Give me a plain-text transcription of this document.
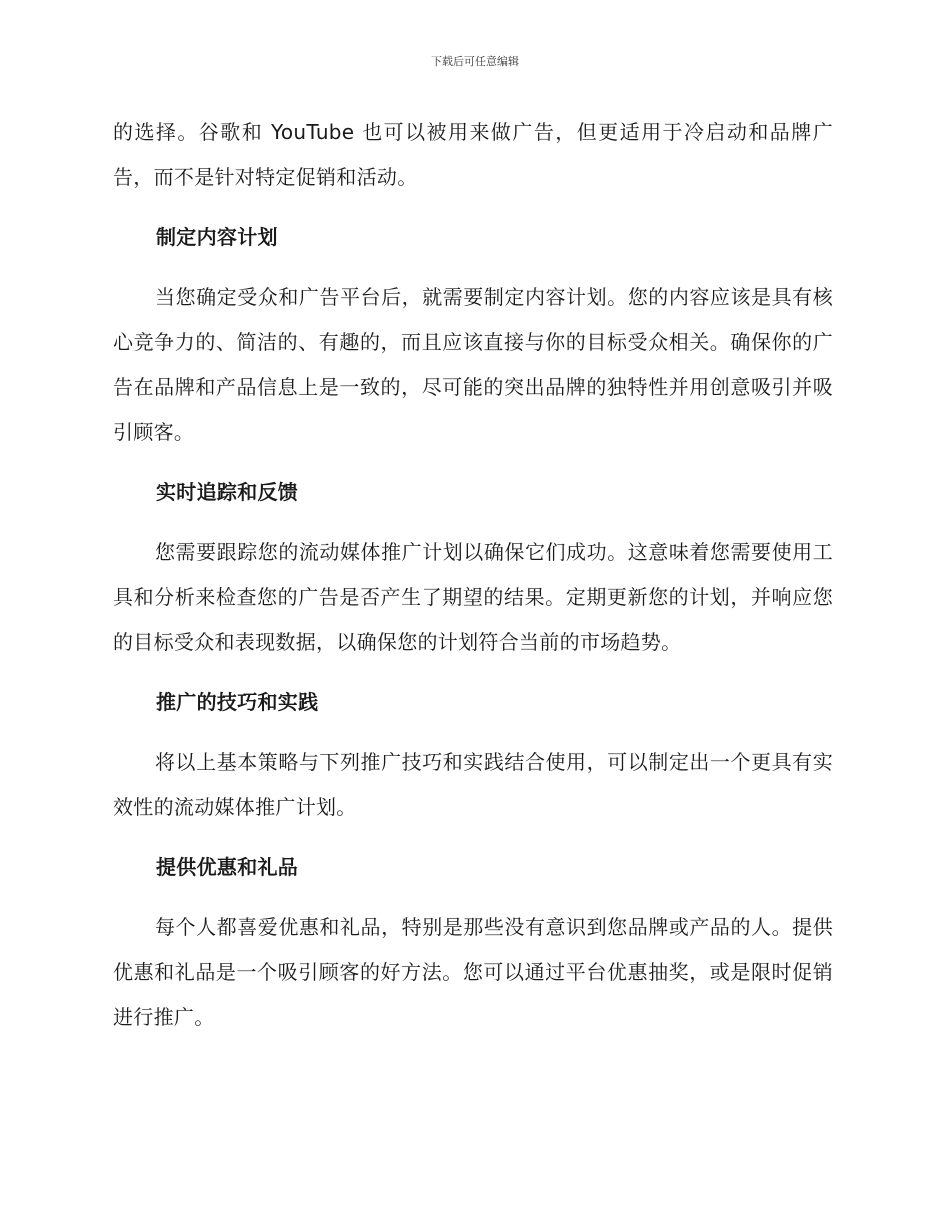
下载后可任意编辑

的选择。谷歌和 YouTube 也可以被用来做广告，但更适用于冷启动和品牌广告，而不是针对特定促销和活动。

制定内容计划

当您确定受众和广告平台后，就需要制定内容计划。您的内容应该是具有核心竞争力的、简洁的、有趣的，而且应该直接与你的目标受众相关。确保你的广告在品牌和产品信息上是一致的，尽可能的突出品牌的独特性并用创意吸引并吸引顾客。

实时追踪和反馈

您需要跟踪您的流动媒体推广计划以确保它们成功。这意味着您需要使用工具和分析来检查您的广告是否产生了期望的结果。定期更新您的计划，并响应您的目标受众和表现数据，以确保您的计划符合当前的市场趋势。

推广的技巧和实践

将以上基本策略与下列推广技巧和实践结合使用，可以制定出一个更具有实效性的流动媒体推广计划。

提供优惠和礼品

每个人都喜爱优惠和礼品，特别是那些没有意识到您品牌或产品的人。提供优惠和礼品是一个吸引顾客的好方法。您可以通过平台优惠抽奖，或是限时促销进行推广。
